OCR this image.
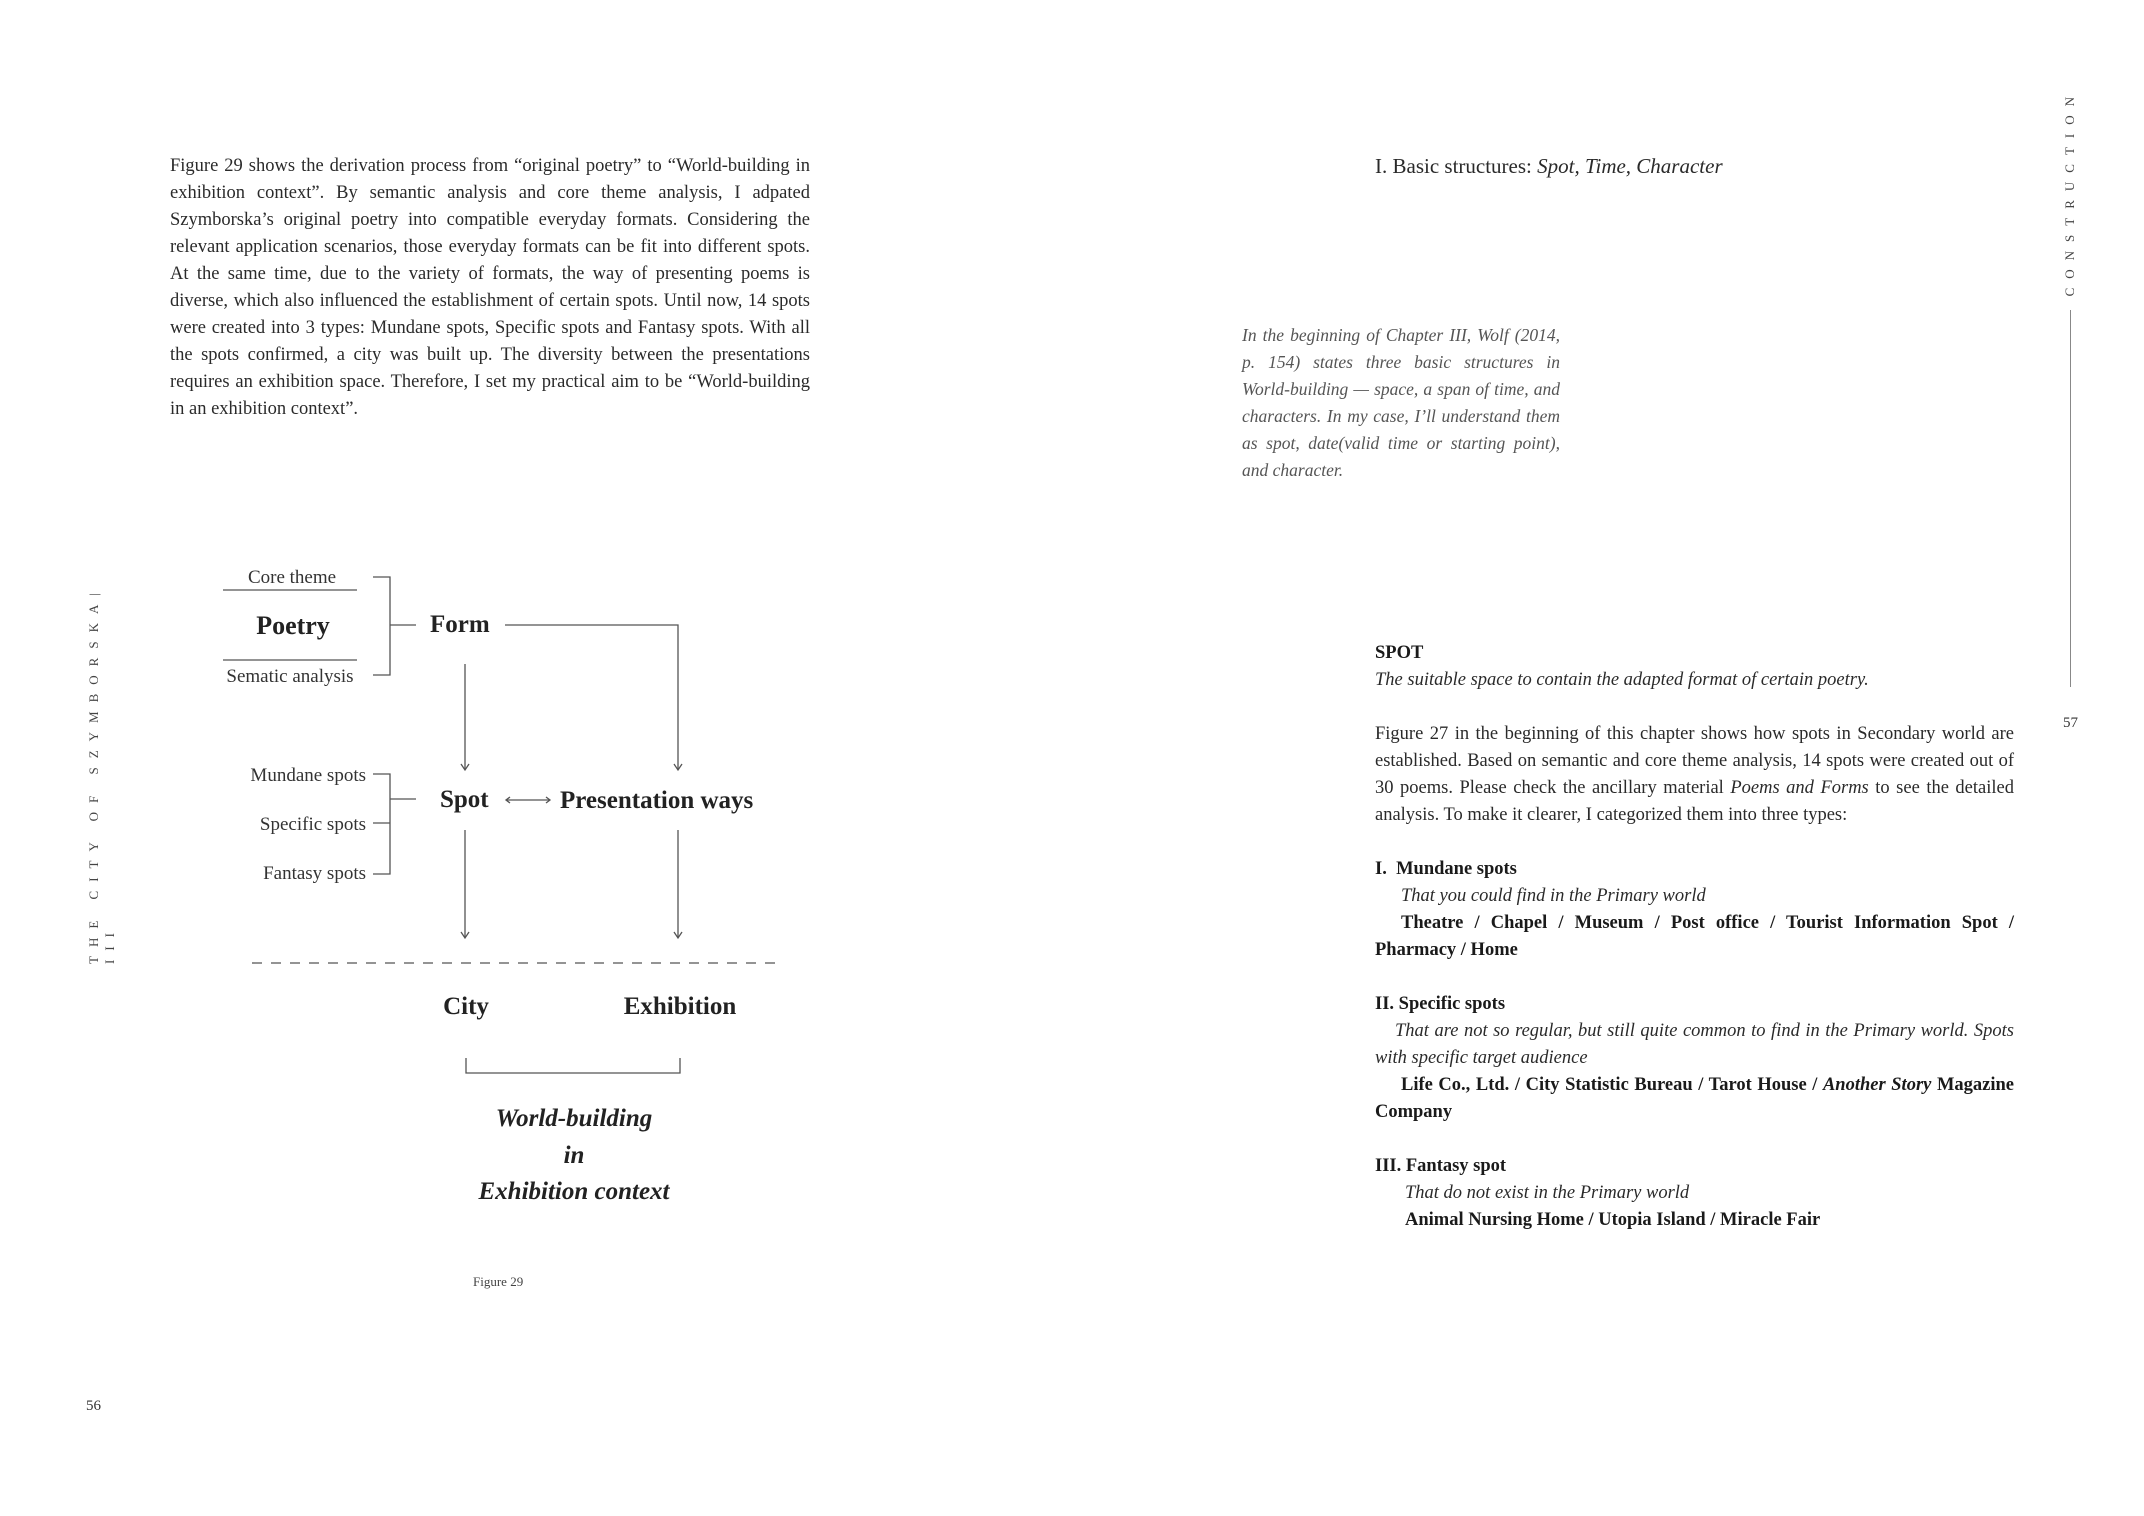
THE CITY OF SZYMBORSKA| III
56
Figure 29 shows the derivation process from “original poetry” to “World-building in exhibition context”. By semantic analysis and core theme analysis, I adpated Szymborska’s original poetry into compatible everyday formats. Considering the relevant application scenarios, those everyday formats can be fit into different spots. At the same time, due to the variety of formats, the way of presenting poems is diverse, which also influenced the establishment of certain spots. Until now, 14 spots were created into 3 types: Mundane spots, Specific spots and Fantasy spots. With all the spots confirmed, a city was built up. The diversity between the presentations requires an exhibition space. Therefore, I set my practical aim to be “World-building in an exhibition context”.
Core theme
Poetry
Sematic analysis
Form
Mundane spots
Specific spots
Fantasy spots
Spot	Presentation ways
City	Exhibition
World-building
in
Exhibition context
Figure 29
I. Basic structures: Spot, Time, Character
In the beginning of Chapter III, Wolf (2014, p. 154) states three basic structures in World-building — space, a span of time, and characters. In my case, I’ll understand them as spot, date(valid time or starting point), and character.
CONSTRUCTION
57
SPOT
The suitable space to contain the adapted format of certain poetry.
Figure 27 in the beginning of this chapter shows how spots in Secondary world are established. Based on semantic and core theme analysis, 14 spots were created out of 30 poems. Please check the ancillary material Poems and Forms to see the detailed analysis. To make it clearer, I categorized them into three types:
I.  Mundane spots
That you could find in the Primary world
Theatre / Chapel / Museum / Post office / Tourist Information Spot / Pharmacy / Home
II. Specific spots
That are not so regular, but still quite common to find in the Primary world. Spots with specific target audience
Life Co., Ltd. / City Statistic Bureau / Tarot House / Another Story Magazine Company
III. Fantasy spot
That do not exist in the Primary world
Animal Nursing Home / Utopia Island / Miracle Fair
